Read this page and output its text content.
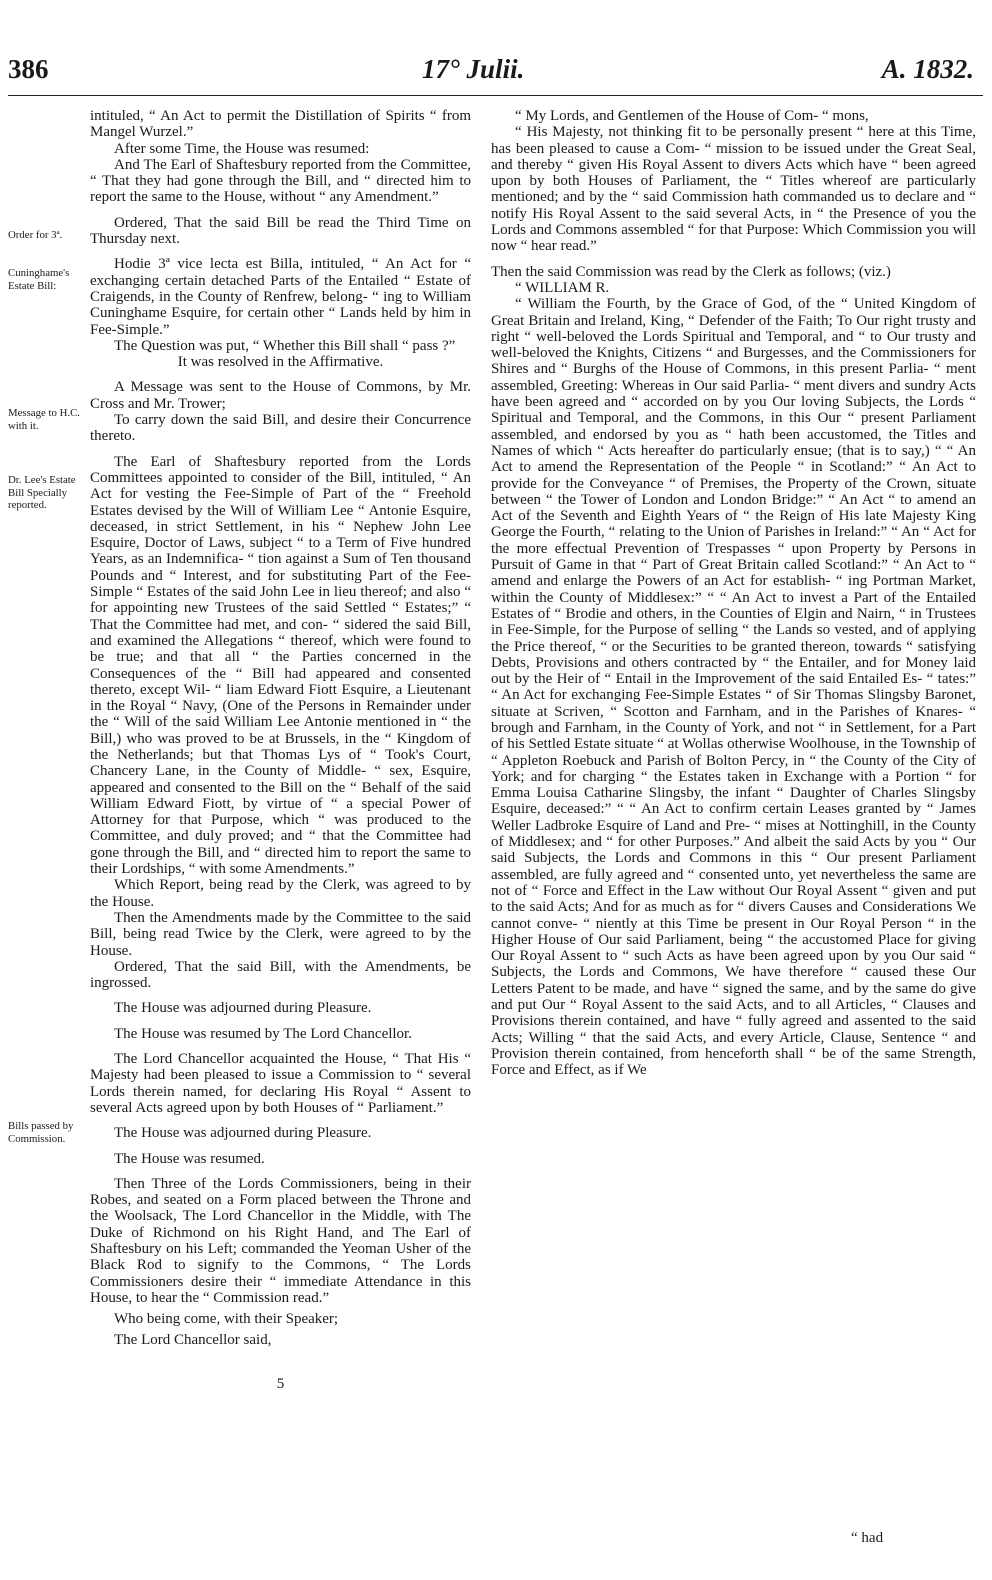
386	17° Julii.	A. 1832.
Order for 3ª.
Cuninghame's Estate Bill:
Message to H.C. with it.
Dr. Lee's Estate Bill Specially reported.
Bills passed by Commission.

intituled, “ An Act to permit the Distillation of Spirits “ from Mangel Wurzel.”

After some Time, the House was resumed:

And The Earl of Shaftesbury reported from the Committee, “ That they had gone through the Bill, and “ directed him to report the same to the House, without “ any Amendment.”

Ordered, That the said Bill be read the Third Time on Thursday next.

Hodie 3ª vice lecta est Billa, intituled, “ An Act for “ exchanging certain detached Parts of the Entailed “ Estate of Craigends, in the County of Renfrew, belong- “ ing to William Cuninghame Esquire, for certain other “ Lands held by him in Fee-Simple.”

The Question was put, “ Whether this Bill shall “ pass ?”

It was resolved in the Affirmative.

A Message was sent to the House of Commons, by Mr. Cross and Mr. Trower;

To carry down the said Bill, and desire their Concurrence thereto.

The Earl of Shaftesbury reported from the Lords Committees appointed to consider of the Bill, intituled, “ An Act for vesting the Fee-Simple of Part of the “ Freehold Estates devised by the Will of William Lee “ Antonie Esquire, deceased, in strict Settlement, in his “ Nephew John Lee Esquire, Doctor of Laws, subject “ to a Term of Five hundred Years, as an Indemnifica- “ tion against a Sum of Ten thousand Pounds and “ Interest, and for substituting Part of the Fee-Simple “ Estates of the said John Lee in lieu thereof; and also “ for appointing new Trustees of the said Settled “ Estates;” “ That the Committee had met, and con- “ sidered the said Bill, and examined the Allegations “ thereof, which were found to be true; and that all “ the Parties concerned in the Consequences of the “ Bill had appeared and consented thereto, except Wil- “ liam Edward Fiott Esquire, a Lieutenant in the Royal “ Navy, (One of the Persons in Remainder under the “ Will of the said William Lee Antonie mentioned in “ the Bill,) who was proved to be at Brussels, in the “ Kingdom of the Netherlands; but that Thomas Lys of “ Took's Court, Chancery Lane, in the County of Middle- “ sex, Esquire, appeared and consented to the Bill on the “ Behalf of the said William Edward Fiott, by virtue of “ a special Power of Attorney for that Purpose, which “ was produced to the Committee, and duly proved; and “ that the Committee had gone through the Bill, and “ directed him to report the same to their Lordships, “ with some Amendments.”

Which Report, being read by the Clerk, was agreed to by the House.

Then the Amendments made by the Committee to the said Bill, being read Twice by the Clerk, were agreed to by the House.

Ordered, That the said Bill, with the Amendments, be ingrossed.

The House was adjourned during Pleasure.

The House was resumed by The Lord Chancellor.

The Lord Chancellor acquainted the House, “ That His “ Majesty had been pleased to issue a Commission to “ several Lords therein named, for declaring His Royal “ Assent to several Acts agreed upon by both Houses of “ Parliament.”

The House was adjourned during Pleasure.

The House was resumed.

Then Three of the Lords Commissioners, being in their Robes, and seated on a Form placed between the Throne and the Woolsack, The Lord Chancellor in the Middle, with The Duke of Richmond on his Right Hand, and The Earl of Shaftesbury on his Left; commanded the Yeoman Usher of the Black Rod to signify to the Commons, “ The Lords Commissioners desire their “ immediate Attendance in this House, to hear the “ Commission read.”

Who being come, with their Speaker;

The Lord Chancellor said,

5

“ My Lords, and Gentlemen of the House of Com- “ mons,

“ His Majesty, not thinking fit to be personally present “ here at this Time, has been pleased to cause a Com- “ mission to be issued under the Great Seal, and thereby “ given His Royal Assent to divers Acts which have “ been agreed upon by both Houses of Parliament, the “ Titles whereof are particularly mentioned; and by the “ said Commission hath commanded us to declare and “ notify His Royal Assent to the said several Acts, in “ the Presence of you the Lords and Commons assembled “ for that Purpose: Which Commission you will now “ hear read.”

Then the said Commission was read by the Clerk as follows; (viz.)

“ WILLIAM R.

“ William the Fourth, by the Grace of God, of the “ United Kingdom of Great Britain and Ireland, King, “ Defender of the Faith; To Our right trusty and right “ well-beloved the Lords Spiritual and Temporal, and “ to Our trusty and well-beloved the Knights, Citizens “ and Burgesses, and the Commissioners for Shires and “ Burghs of the House of Commons, in this present Parlia- “ ment assembled, Greeting: Whereas in Our said Parlia- “ ment divers and sundry Acts have been agreed and “ accorded on by you Our loving Subjects, the Lords “ Spiritual and Temporal, and the Commons, in this Our “ present Parliament assembled, and endorsed by you as “ hath been accustomed, the Titles and Names of which “ Acts hereafter do particularly ensue; (that is to say,) “ “ An Act to amend the Representation of the People “ in Scotland:” “ An Act to provide for the Conveyance “ of Premises, the Property of the Crown, situate between “ the Tower of London and London Bridge:” “ An Act “ to amend an Act of the Seventh and Eighth Years of “ the Reign of His late Majesty King George the Fourth, “ relating to the Union of Parishes in Ireland:” “ An “ Act for the more effectual Prevention of Trespasses “ upon Property by Persons in Pursuit of Game in that “ Part of Great Britain called Scotland:” “ An Act to “ amend and enlarge the Powers of an Act for establish- “ ing Portman Market, within the County of Middlesex:” “ “ An Act to invest a Part of the Entailed Estates of “ Brodie and others, in the Counties of Elgin and Nairn, “ in Trustees in Fee-Simple, for the Purpose of selling “ the Lands so vested, and of applying the Price thereof, “ or the Securities to be granted thereon, towards “ satisfying Debts, Provisions and others contracted by “ the Entailer, and for Money laid out by the Heir of “ Entail in the Improvement of the said Entailed Es- “ tates:” “ An Act for exchanging Fee-Simple Estates “ of Sir Thomas Slingsby Baronet, situate at Scriven, “ Scotton and Farnham, and in the Parishes of Knares- “ brough and Farnham, in the County of York, and not “ in Settlement, for a Part of his Settled Estate situate “ at Wollas otherwise Woolhouse, in the Township of “ Appleton Roebuck and Parish of Bolton Percy, in “ the County of the City of York; and for charging “ the Estates taken in Exchange with a Portion “ for Emma Louisa Catharine Slingsby, the infant “ Daughter of Charles Slingsby Esquire, deceased:” “ “ An Act to confirm certain Leases granted by “ James Weller Ladbroke Esquire of Land and Pre- “ mises at Nottinghill, in the County of Middlesex; and “ for other Purposes.” And albeit the said Acts by you “ Our said Subjects, the Lords and Commons in this “ Our present Parliament assembled, are fully agreed and “ consented unto, yet nevertheless the same are not of “ Force and Effect in the Law without Our Royal Assent “ given and put to the said Acts; And for as much as for “ divers Causes and Considerations We cannot conve- “ niently at this Time be present in Our Royal Person “ in the Higher House of Our said Parliament, being “ the accustomed Place for giving Our Royal Assent to “ such Acts as have been agreed upon by you Our said “ Subjects, the Lords and Commons, We have therefore “ caused these Our Letters Patent to be made, and have “ signed the same, and by the same do give and put Our “ Royal Assent to the said Acts, and to all Articles, “ Clauses and Provisions therein contained, and have “ fully agreed and assented to the said Acts; Willing “ that the said Acts, and every Article, Clause, Sentence “ and Provision therein contained, from henceforth shall “ be of the same Strength, Force and Effect, as if We

“ had
